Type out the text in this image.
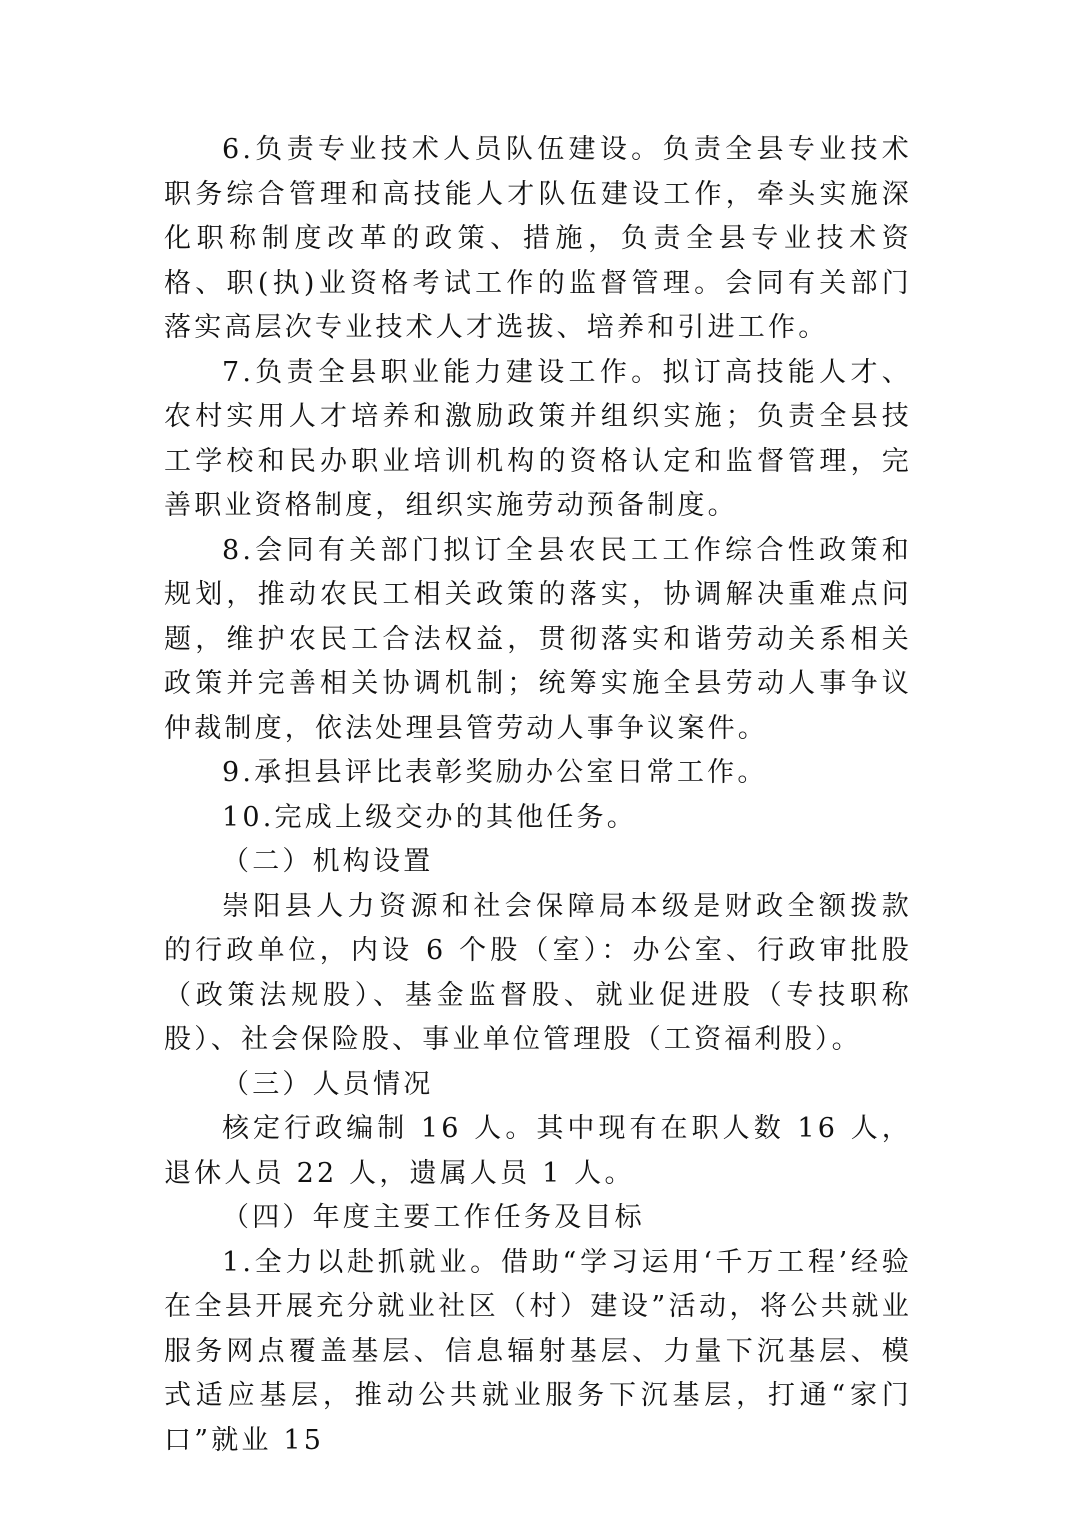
6.负责专业技术人员队伍建设。负责全县专业技术职务综合管理和高技能人才队伍建设工作，牵头实施深化职称制度改革的政策、措施，负责全县专业技术资格、职(执)业资格考试工作的监督管理。会同有关部门落实高层次专业技术人才选拔、培养和引进工作。

7.负责全县职业能力建设工作。拟订高技能人才、农村实用人才培养和激励政策并组织实施；负责全县技工学校和民办职业培训机构的资格认定和监督管理，完善职业资格制度，组织实施劳动预备制度。

8.会同有关部门拟订全县农民工工作综合性政策和规划，推动农民工相关政策的落实，协调解决重难点问题，维护农民工合法权益，贯彻落实和谐劳动关系相关政策并完善相关协调机制；统筹实施全县劳动人事争议仲裁制度，依法处理县管劳动人事争议案件。

9.承担县评比表彰奖励办公室日常工作。

10.完成上级交办的其他任务。

（二）机构设置

崇阳县人力资源和社会保障局本级是财政全额拨款的行政单位，内设 6 个股（室）：办公室、行政审批股（政策法规股）、基金监督股、就业促进股（专技职称股）、社会保险股、事业单位管理股（工资福利股）。

（三）人员情况

核定行政编制 16 人。其中现有在职人数 16 人，退休人员 22 人，遗属人员 1 人。

（四）年度主要工作任务及目标

1.全力以赴抓就业。借助“学习运用‘千万工程’经验在全县开展充分就业社区（村）建设”活动，将公共就业服务网点覆盖基层、信息辐射基层、力量下沉基层、模式适应基层，推动公共就业服务下沉基层，打通“家门口”就业 15
